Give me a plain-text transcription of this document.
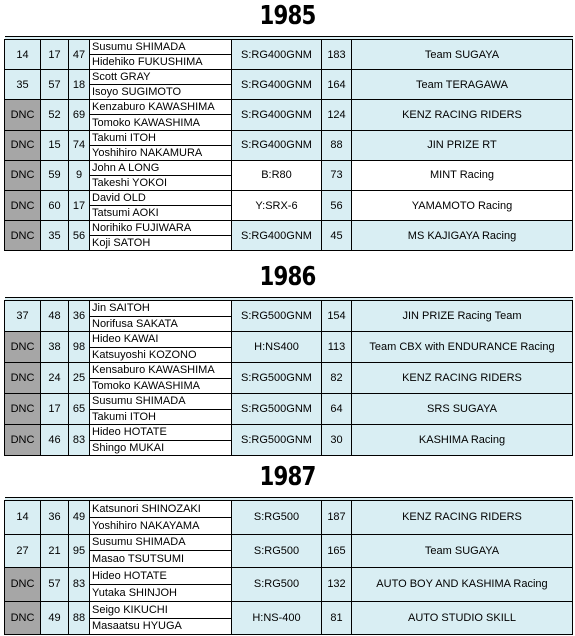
1985

14	17	47	Susumu SHIMADA	S:RG400GNM	183	Team SUGAYA
			Hidehiko FUKUSHIMA			
35	57	18	Scott GRAY	S:RG400GNM	164	Team TERAGAWA
			Isoyo SUGIMOTO			
DNC	52	69	Kenzaburo KAWASHIMA	S:RG400GNM	124	KENZ RACING RIDERS
			Tomoko KAWASHIMA			
DNC	15	74	Takumi ITOH	S:RG400GNM	88	JIN PRIZE RT
			Yoshihiro NAKAMURA			
DNC	59	9	John A LONG	B:R80	73	MINT Racing
			Takeshi YOKOI			
DNC	60	17	David OLD	Y:SRX-6	56	YAMAMOTO Racing
			Tatsumi AOKI			
DNC	35	56	Norihiko FUJIWARA	S:RG400GNM	45	MS KAJIGAYA Racing
			Koji SATOH			
1986

37	48	36	Jin SAITOH	S:RG500GNM	154	JIN PRIZE Racing Team
			Norifusa SAKATA			
DNC	38	98	Hideo KAWAI	H:NS400	113	Team CBX with ENDURANCE Racing
			Katsuyoshi KOZONO			
DNC	24	25	Kensaburo KAWASHIMA	S:RG500GNM	82	KENZ RACING RIDERS
			Tomoko KAWASHIMA			
DNC	17	65	Susumu SHIMADA	S:RG500GNM	64	SRS SUGAYA
			Takumi ITOH			
DNC	46	83	Hideo HOTATE	S:RG500GNM	30	KASHIMA Racing
			Shingo MUKAI			
1987

14	36	49	Katsunori SHINOZAKI	S:RG500	187	KENZ RACING RIDERS
			Yoshihiro NAKAYAMA			
27	21	95	Susumu SHIMADA	S:RG500	165	Team SUGAYA
			Masao TSUTSUMI			
DNC	57	83	Hideo HOTATE	S:RG500	132	AUTO BOY AND KASHIMA Racing
			Yutaka SHINJOH			
DNC	49	88	Seigo KIKUCHI	H:NS-400	81	AUTO STUDIO SKILL
			Masaatsu HYUGA			
